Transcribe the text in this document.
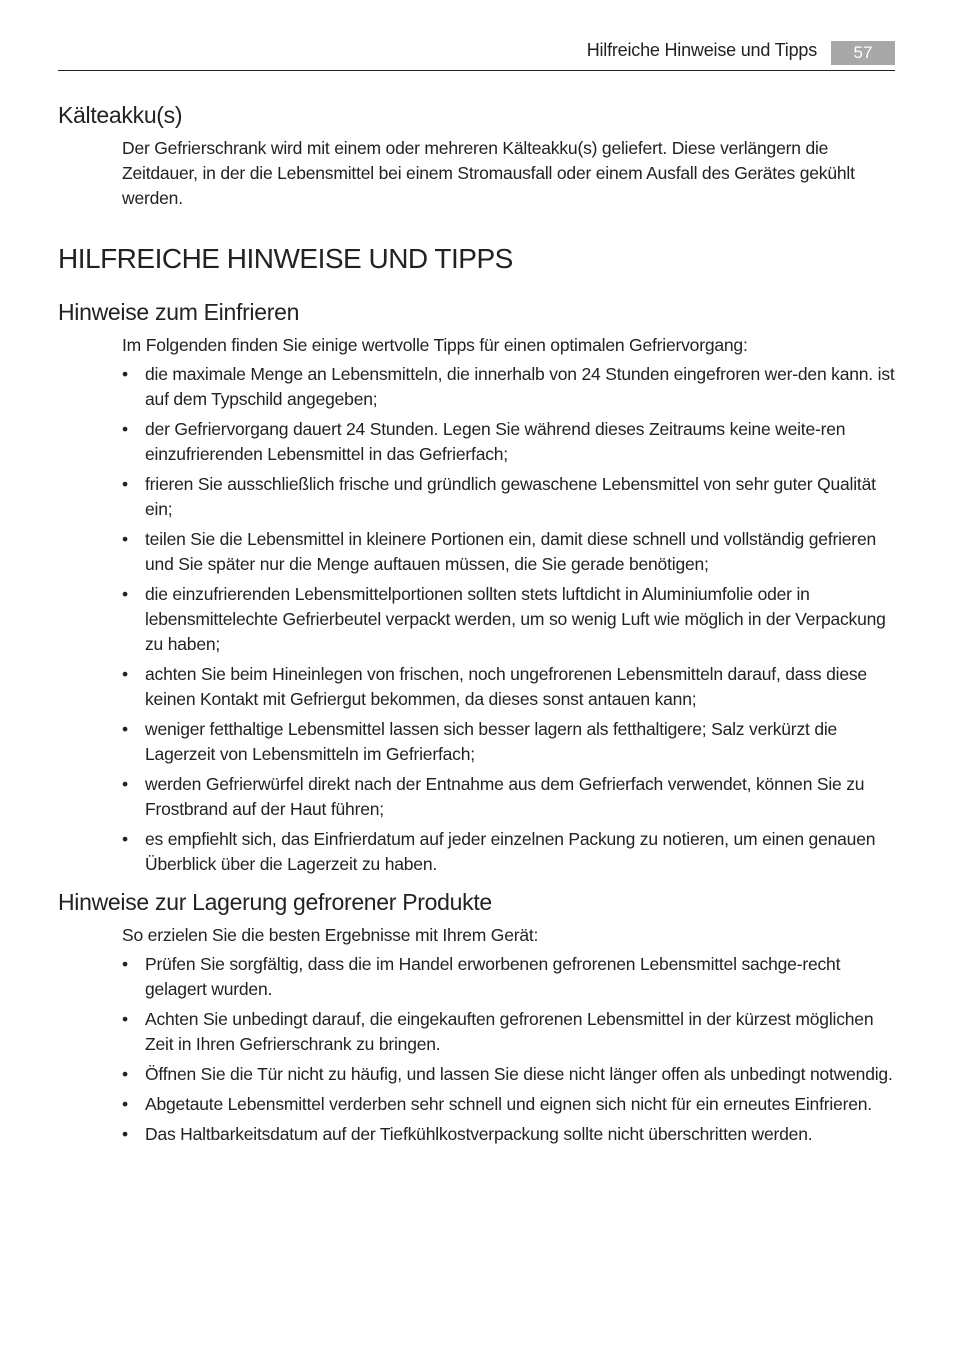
Hilfreiche Hinweise und Tipps	57
Kälteakku(s)

Der Gefrierschrank wird mit einem oder mehreren Kälteakku(s) geliefert. Diese verlängern die Zeitdauer, in der die Lebensmittel bei einem Stromausfall oder einem Ausfall des Gerätes gekühlt werden.

HILFREICHE HINWEISE UND TIPPS
Hinweise zum Einfrieren

Im Folgenden finden Sie einige wertvolle Tipps für einen optimalen Gefriervorgang:

• die maximale Menge an Lebensmitteln, die innerhalb von 24 Stunden eingefroren wer-den kann. ist auf dem Typschild angegeben;
• der Gefriervorgang dauert 24 Stunden. Legen Sie während dieses Zeitraums keine weite-ren einzufrierenden Lebensmittel in das Gefrierfach;
• frieren Sie ausschließlich frische und gründlich gewaschene Lebensmittel von sehr guter Qualität ein;
• teilen Sie die Lebensmittel in kleinere Portionen ein, damit diese schnell und vollständig gefrieren und Sie später nur die Menge auftauen müssen, die Sie gerade benötigen;
• die einzufrierenden Lebensmittelportionen sollten stets luftdicht in Aluminiumfolie oder in lebensmittelechte Gefrierbeutel verpackt werden, um so wenig Luft wie möglich in der Verpackung zu haben;
• achten Sie beim Hineinlegen von frischen, noch ungefrorenen Lebensmitteln darauf, dass diese keinen Kontakt mit Gefriergut bekommen, da dieses sonst antauen kann;
• weniger fetthaltige Lebensmittel lassen sich besser lagern als fetthaltigere; Salz verkürzt die Lagerzeit von Lebensmitteln im Gefrierfach;
• werden Gefrierwürfel direkt nach der Entnahme aus dem Gefrierfach verwendet, können Sie zu Frostbrand auf der Haut führen;
• es empfiehlt sich, das Einfrierdatum auf jeder einzelnen Packung zu notieren, um einen genauen Überblick über die Lagerzeit zu haben.
Hinweise zur Lagerung gefrorener Produkte

So erzielen Sie die besten Ergebnisse mit Ihrem Gerät:

• Prüfen Sie sorgfältig, dass die im Handel erworbenen gefrorenen Lebensmittel sachge-recht gelagert wurden.
• Achten Sie unbedingt darauf, die eingekauften gefrorenen Lebensmittel in der kürzest möglichen Zeit in Ihren Gefrierschrank zu bringen.
• Öffnen Sie die Tür nicht zu häufig, und lassen Sie diese nicht länger offen als unbedingt notwendig.
• Abgetaute Lebensmittel verderben sehr schnell und eignen sich nicht für ein erneutes Einfrieren.
• Das Haltbarkeitsdatum auf der Tiefkühlkostverpackung sollte nicht überschritten werden.
